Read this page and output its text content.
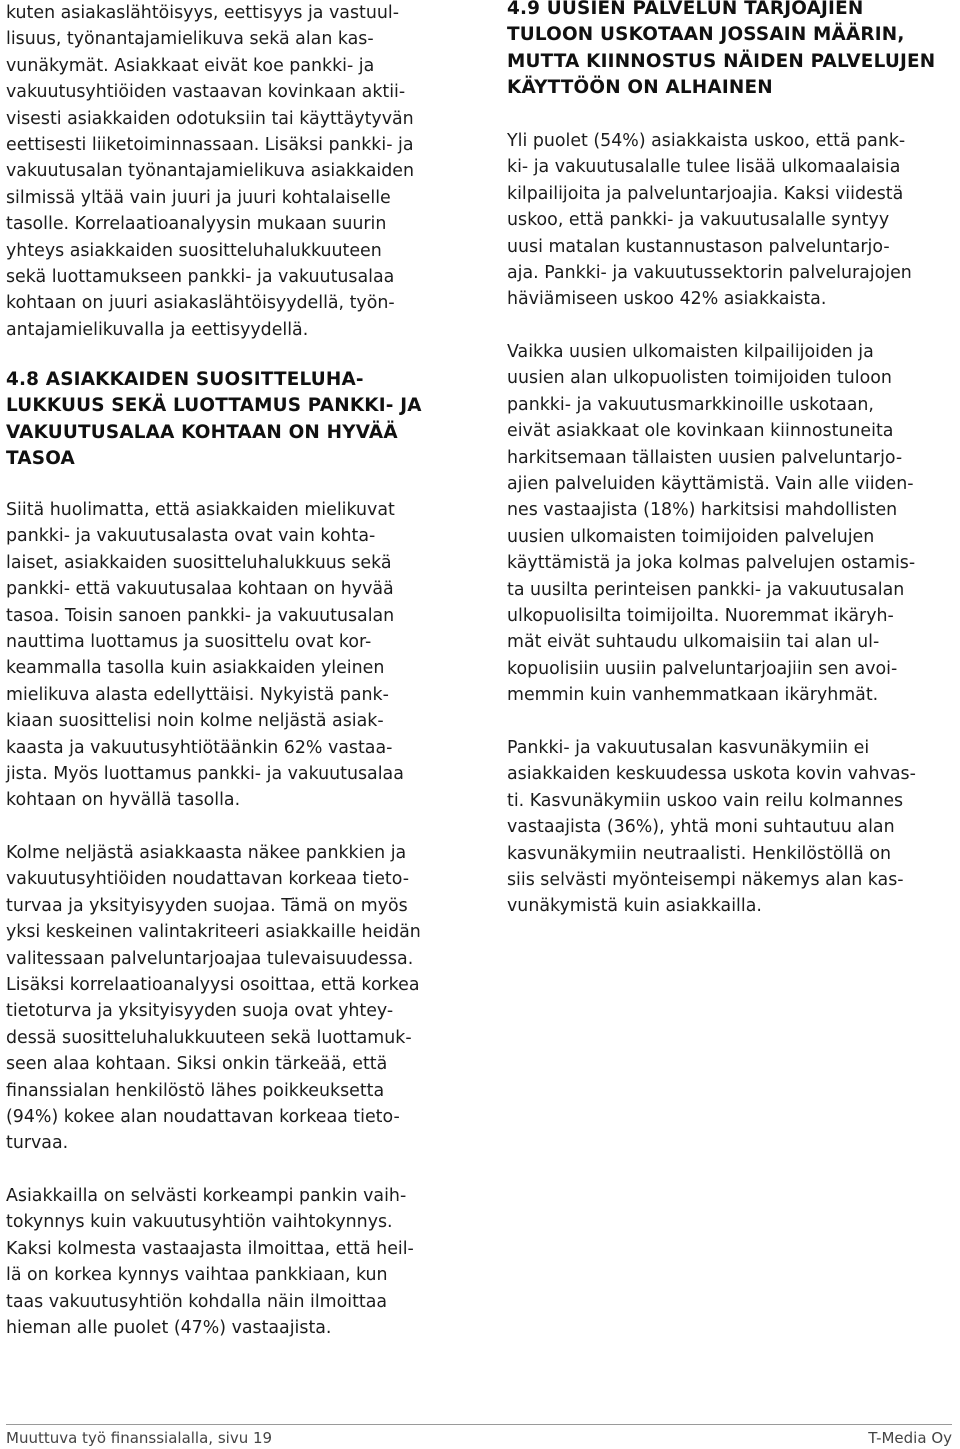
kuten asiakaslähtöisyys, eettisyys ja vastuul-
lisuus, työnantajamielikuva sekä alan kas-
vunäkymät. Asiakkaat eivät koe pankki- ja
vakuutusyhtiöiden vastaavan kovinkaan aktii-
visesti asiakkaiden odotuksiin tai käyttäytyvän
eettisesti liiketoiminnassaan. Lisäksi pankki- ja
vakuutusalan työnantajamielikuva asiakkaiden
silmissä yltää vain juuri ja juuri kohtalaiselle
tasolle. Korrelaatioanalyysin mukaan suurin
yhteys asiakkaiden suositteluhalukkuuteen
sekä luottamukseen pankki- ja vakuutusalaa
kohtaan on juuri asiakaslähtöisyydellä, työn-
antajamielikuvalla ja eettisyydellä.
4.8 ASIAKKAIDEN SUOSITTELUHA-
LUKKUUS SEKÄ LUOTTAMUS PANKKI- JA
VAKUUTUSALAA KOHTAAN ON HYVÄÄ
TASOA
Siitä huolimatta, että asiakkaiden mielikuvat
pankki- ja vakuutusalasta ovat vain kohta-
laiset, asiakkaiden suositteluhalukkuus sekä
pankki- että vakuutusalaa kohtaan on hyvää
tasoa. Toisin sanoen pankki- ja vakuutusalan
nauttima luottamus ja suosittelu ovat kor-
keammalla tasolla kuin asiakkaiden yleinen
mielikuva alasta edellyttäisi. Nykyistä pank-
kiaan suosittelisi noin kolme neljästä asiak-
kaasta ja vakuutusyhtiötäänkin 62% vastaa-
jista. Myös luottamus pankki- ja vakuutusalaa
kohtaan on hyvällä tasolla.
Kolme neljästä asiakkaasta näkee pankkien ja
vakuutusyhtiöiden noudattavan korkeaa tieto-
turvaa ja yksityisyyden suojaa. Tämä on myös
yksi keskeinen valintakriteeri asiakkaille heidän
valitessaan palveluntarjoajaa tulevaisuudessa.
Lisäksi korrelaatioanalyysi osoittaa, että korkea
tietoturva ja yksityisyyden suoja ovat yhtey-
dessä suositteluhalukkuuteen sekä luottamuk-
seen alaa kohtaan. Siksi onkin tärkeää, että
finanssialan henkilöstö lähes poikkeuksetta
(94%) kokee alan noudattavan korkeaa tieto-
turvaa.
Asiakkailla on selvästi korkeampi pankin vaih-
tokynnys kuin vakuutusyhtiön vaihtokynnys.
Kaksi kolmesta vastaajasta ilmoittaa, että heil-
lä on korkea kynnys vaihtaa pankkiaan, kun
taas vakuutusyhtiön kohdalla näin ilmoittaa
hieman alle puolet (47%) vastaajista.
4.9 UUSIEN PALVELUN TARJOAJIEN
TULOON USKOTAAN JOSSAIN MÄÄRIN,
MUTTA KIINNOSTUS NÄIDEN PALVELUJEN
KÄYTTÖÖN ON ALHAINEN
Yli puolet (54%) asiakkaista uskoo, että pank-
ki- ja vakuutusalalle tulee lisää ulkomaalaisia
kilpailijoita ja palveluntarjoajia. Kaksi viidestä
uskoo, että pankki- ja vakuutusalalle syntyy
uusi matalan kustannustason palveluntarjo-
aja. Pankki- ja vakuutussektorin palvelurajojen
häviämiseen uskoo 42% asiakkaista.
Vaikka uusien ulkomaisten kilpailijoiden ja
uusien alan ulkopuolisten toimijoiden tuloon
pankki- ja vakuutusmarkkinoille uskotaan,
eivät asiakkaat ole kovinkaan kiinnostuneita
harkitsemaan tällaisten uusien palveluntarjo-
ajien palveluiden käyttämistä. Vain alle viiden-
nes vastaajista (18%) harkitsisi mahdollisten
uusien ulkomaisten toimijoiden palvelujen
käyttämistä ja joka kolmas palvelujen ostamis-
ta uusilta perinteisen pankki- ja vakuutusalan
ulkopuolisilta toimijoilta. Nuoremmat ikäryh-
mät eivät suhtaudu ulkomaisiin tai alan ul-
kopuolisiin uusiin palveluntarjoajiin sen avoi-
memmin kuin vanhemmatkaan ikäryhmät.
Pankki- ja vakuutusalan kasvunäkymiin ei
asiakkaiden keskuudessa uskota kovin vahvas-
ti. Kasvunäkymiin uskoo vain reilu kolmannes
vastaajista (36%), yhtä moni suhtautuu alan
kasvunäkymiin neutraalisti. Henkilöstöllä on
siis selvästi myönteisempi näkemys alan kas-
vunäkymistä kuin asiakkailla.
Muuttuva työ finanssialalla, sivu 19	T-Media Oy
